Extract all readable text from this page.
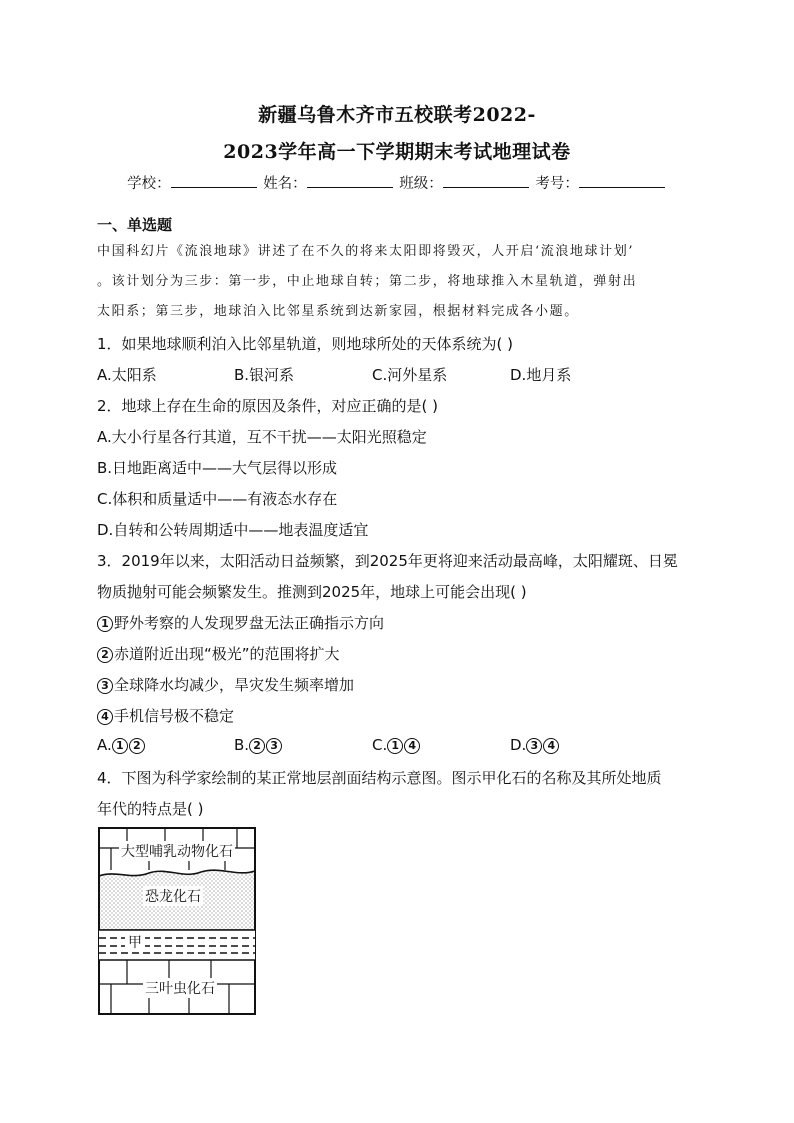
新疆乌鲁木齐市五校联考2022-
2023学年高一下学期期末考试地理试卷
学校：	姓名：	班级：	考号：
一、单选题
中国科幻片《流浪地球》讲述了在不久的将来太阳即将毁灭，人开启‘流浪地球计划’
。该计划分为三步：第一步，中止地球自转；第二步，将地球推入木星轨道，弹射出
太阳系；第三步，地球泊入比邻星系统到达新家园，根据材料完成各小题。
1．如果地球顺利泊入比邻星轨道，则地球所处的天体系统为( )
A.太阳系	B.银河系	C.河外星系	D.地月系
2．地球上存在生命的原因及条件，对应正确的是( )
A.大小行星各行其道，互不干扰——太阳光照稳定
B.日地距离适中——大气层得以形成
C.体积和质量适中——有液态水存在
D.自转和公转周期适中——地表温度适宜
3．2019年以来，太阳活动日益频繁，到2025年更将迎来活动最高峰，太阳耀斑、日冕
物质抛射可能会频繁发生。推测到2025年，地球上可能会出现( )
1 野外考察的人发现罗盘无法正确指示方向
2 赤道附近出现“极光”的范围将扩大
3 全球降水均减少，旱灾发生频率增加
4 手机信号极不稳定
A. 1 2	B. 2 3	C. 1 4	D. 3 4
4．下图为科学家绘制的某正常地层剖面结构示意图。图示甲化石的名称及其所处地质
年代的特点是( )
大型哺乳动物化石
恐龙化石
甲
三叶虫化石
